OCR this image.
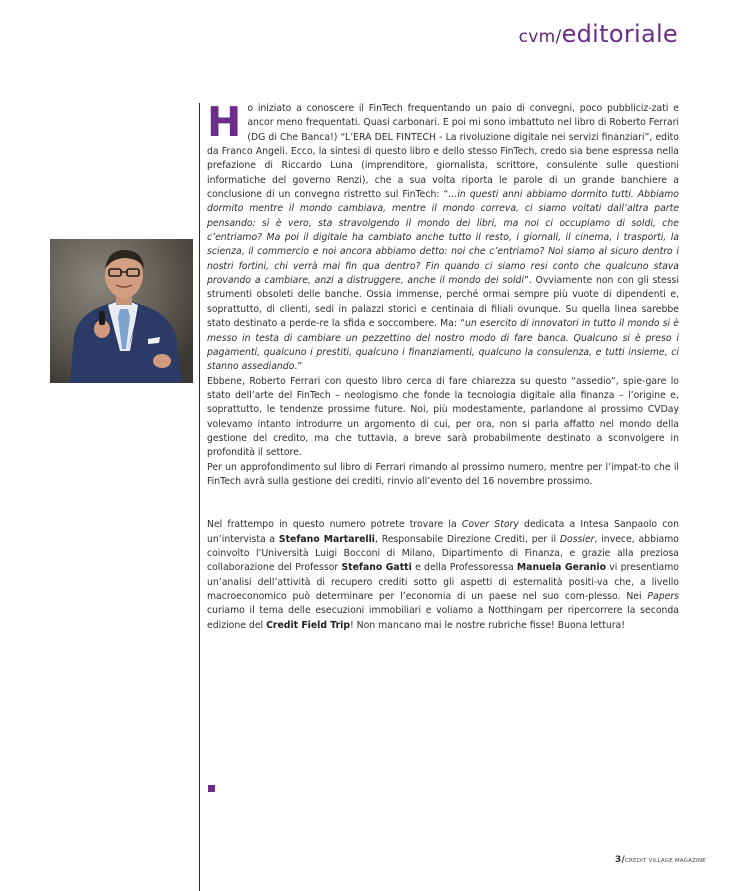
cvm/editoriale

Ho iniziato a conoscere il FinTech frequentando un paio di convegni, poco pubbliciz-zati e ancor meno frequentati. Quasi carbonari. E poi mi sono imbattuto nel libro di Roberto Ferrari (DG di Che Banca!) “L’ERA DEL FINTECH - La rivoluzione digitale nei servizi finanziari”, edito da Franco Angeli. Ecco, la sintesi di questo libro e dello stesso FinTech, credo sia bene espressa nella prefazione di Riccardo Luna (imprenditore, giornalista, scrittore, consulente sulle questioni informatiche del governo Renzi), che a sua volta riporta le parole di un grande banchiere a conclusione di un convegno ristretto sul FinTech: “...in questi anni abbiamo dormito tutti. Abbiamo dormito mentre il mondo cambiava, mentre il mondo correva, ci siamo voltati dall’altra parte pensando: sì è vero, sta stravolgendo il mondo dei libri, ma noi ci occupiamo di soldi, che c’entriamo? Ma poi il digitale ha cambiato anche tutto il resto, i giornali, il cinema, i trasporti, la scienza, il commercio e noi ancora abbiamo detto: noi che c’entriamo? Noi siamo al sicuro dentro i nostri fortini, chi verrà mai fin qua dentro? Fin quando ci siamo resi conto che qualcuno stava provando a cambiare, anzi a distruggere, anche il mondo dei soldi”. Ovviamente non con gli stessi strumenti obsoleti delle banche. Ossia immense, perché ormai sempre più vuote di dipendenti e, soprattutto, di clienti, sedi in palazzi storici e centinaia di filiali ovunque. Su quella linea sarebbe stato destinato a perde-re la sfida e soccombere. Ma: “un esercito di innovatori in tutto il mondo si è messo in testa di cambiare un pezzettino del nostro modo di fare banca. Qualcuno si è preso i pagamenti, qualcuno i prestiti, qualcuno i finanziamenti, qualcuno la consulenza, e tutti insieme, ci stanno assediando.”

Ebbene, Roberto Ferrari con questo libro cerca di fare chiarezza su questo “assedio”, spie-gare lo stato dell’arte del FinTech – neologismo che fonde la tecnologia digitale alla finanza – l’origine e, soprattutto, le tendenze prossime future. Noi, più modestamente, parlandone al prossimo CVDay volevamo intanto introdurre un argomento di cui, per ora, non si parla affatto nel mondo della gestione del credito, ma che tuttavia, a breve sarà probabilmente destinato a sconvolgere in profondità il settore.

Per un approfondimento sul libro di Ferrari rimando al prossimo numero, mentre per l’impat-to che il FinTech avrà sulla gestione dei crediti, rinvio all’evento del 16 novembre prossimo.

Nel frattempo in questo numero potrete trovare la Cover Story dedicata a Intesa Sanpaolo con un’intervista a Stefano Martarelli, Responsabile Direzione Crediti, per il Dossier, invece, abbiamo coinvolto l’Università Luigi Bocconi di Milano, Dipartimento di Finanza, e grazie alla preziosa collaborazione del Professor Stefano Gatti e della Professoressa Manuela Geranio vi presentiamo un’analisi dell’attività di recupero crediti sotto gli aspetti di esternalità positi-va che, a livello macroeconomico può determinare per l’economia di un paese nel suo com-plesso. Nei Papers curiamo il tema delle esecuzioni immobiliari e voliamo a Notthingam per ripercorrere la seconda edizione del Credit Field Trip! Non mancano mai le nostre rubriche fisse! Buona lettura!

3/CREDIT VILLAGE MAGAZINE
